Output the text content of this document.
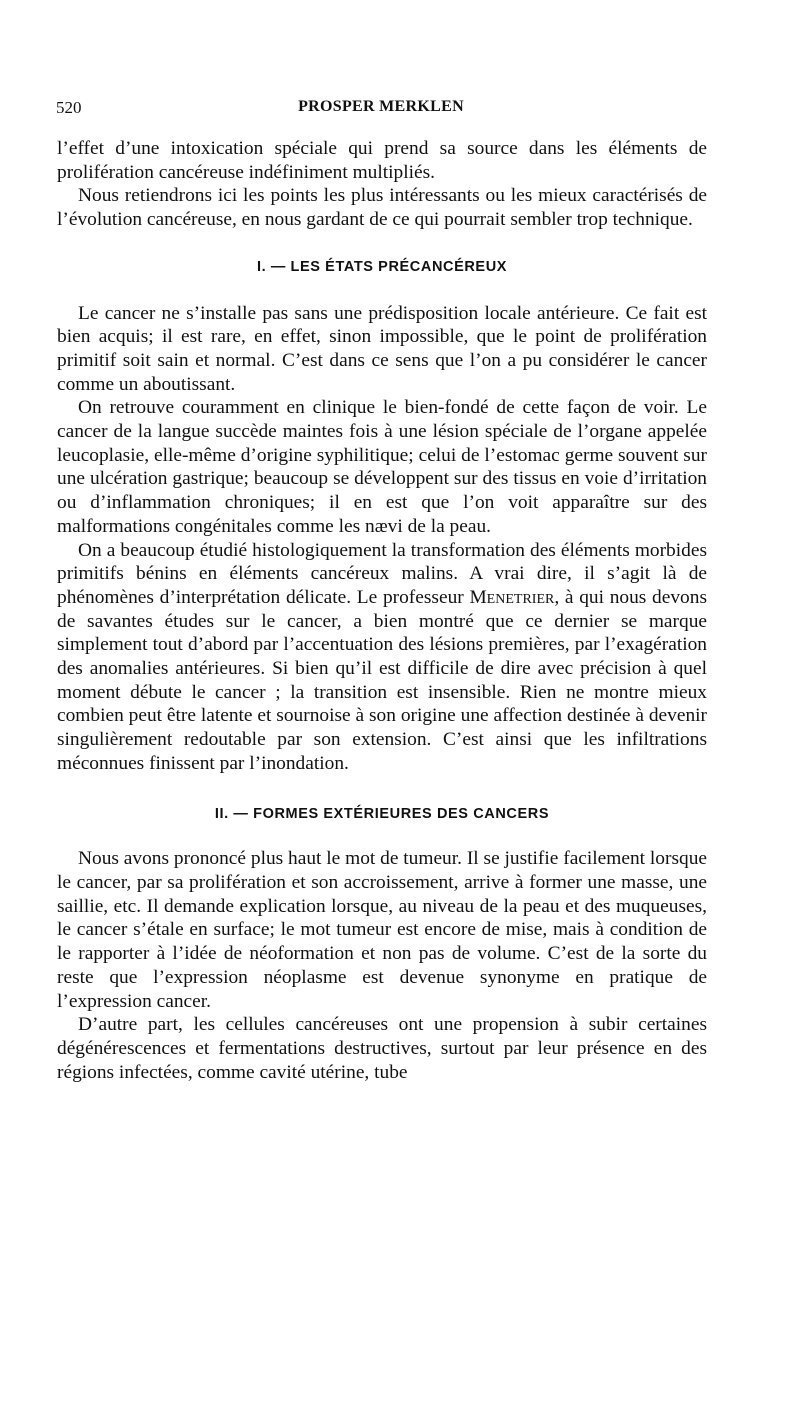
520	PROSPER MERKLEN

l’effet d’une intoxication spéciale qui prend sa source dans les éléments de prolifération cancéreuse indéfiniment multipliés.

Nous retiendrons ici les points les plus intéressants ou les mieux caractérisés de l’évolution cancéreuse, en nous gardant de ce qui pourrait sembler trop technique.

I. — LES ÉTATS PRÉCANCÉREUX

Le cancer ne s’installe pas sans une prédisposition locale antérieure. Ce fait est bien acquis; il est rare, en effet, sinon impossible, que le point de prolifération primitif soit sain et normal. C’est dans ce sens que l’on a pu considérer le cancer comme un aboutissant.

On retrouve couramment en clinique le bien-fondé de cette façon de voir. Le cancer de la langue succède maintes fois à une lésion spéciale de l’organe appelée leucoplasie, elle-même d’origine syphilitique; celui de l’estomac germe souvent sur une ulcération gastrique; beaucoup se développent sur des tissus en voie d’irritation ou d’inflammation chroniques; il en est que l’on voit apparaître sur des malformations congénitales comme les nævi de la peau.

On a beaucoup étudié histologiquement la transformation des éléments morbides primitifs bénins en éléments cancéreux malins. A vrai dire, il s’agit là de phénomènes d’interprétation délicate. Le professeur Menetrier, à qui nous devons de savantes études sur le cancer, a bien montré que ce dernier se marque simplement tout d’abord par l’accentuation des lésions premières, par l’exagération des anomalies antérieures. Si bien qu’il est difficile de dire avec précision à quel moment débute le cancer ; la transition est insensible. Rien ne montre mieux combien peut être latente et sournoise à son origine une affection destinée à devenir singulièrement redoutable par son extension. C’est ainsi que les infiltrations méconnues finissent par l’inondation.

II. — FORMES EXTÉRIEURES DES CANCERS

Nous avons prononcé plus haut le mot de tumeur. Il se justifie facilement lorsque le cancer, par sa prolifération et son accroissement, arrive à former une masse, une saillie, etc. Il demande explication lorsque, au niveau de la peau et des muqueuses, le cancer s’étale en surface; le mot tumeur est encore de mise, mais à condition de le rapporter à l’idée de néoformation et non pas de volume. C’est de la sorte du reste que l’expression néoplasme est devenue synonyme en pratique de l’expression cancer.

D’autre part, les cellules cancéreuses ont une propension à subir certaines dégénérescences et fermentations destructives, surtout par leur présence en des régions infectées, comme cavité utérine, tube
